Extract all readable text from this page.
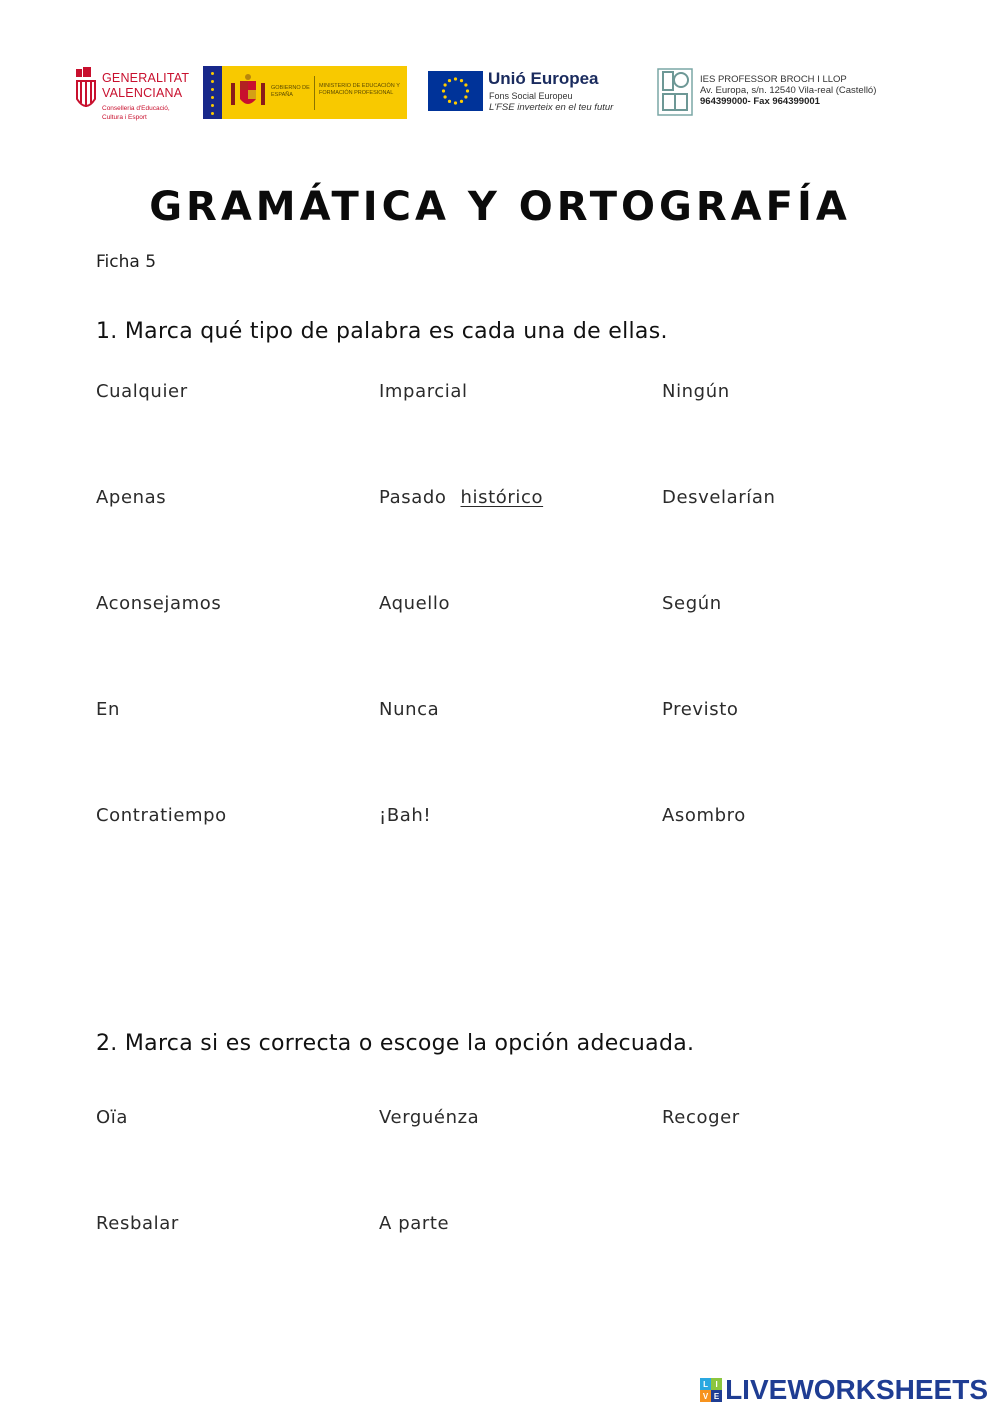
GENERALITAT
VALENCIANA
Conselleria d'Educació,
Cultura i Esport
GOBIERNO DE ESPAÑA
MINISTERIO DE EDUCACIÓN Y FORMACIÓN PROFESIONAL
Unió Europea
Fons Social Europeu
L'FSE inverteix en el teu futur
IES PROFESSOR BROCH I LLOP
Av. Europa, s/n. 12540 Vila-real (Castelló)
964399000- Fax 964399001
GRAMÁTICA Y ORTOGRAFÍA
Ficha 5
1. Marca qué tipo de palabra es cada una de ellas.
Cualquier	Imparcial	Ningún
Apenas	Pasado histórico	Desvelarían
Aconsejamos	Aquello	Según
En	Nunca	Previsto
Contratiempo	¡Bah!	Asombro
2. Marca si es correcta o escoge la opción adecuada.
Oïa	Verguénza	Recoger
Resbalar	A parte
L I
V E LIVEWORKSHEETS
